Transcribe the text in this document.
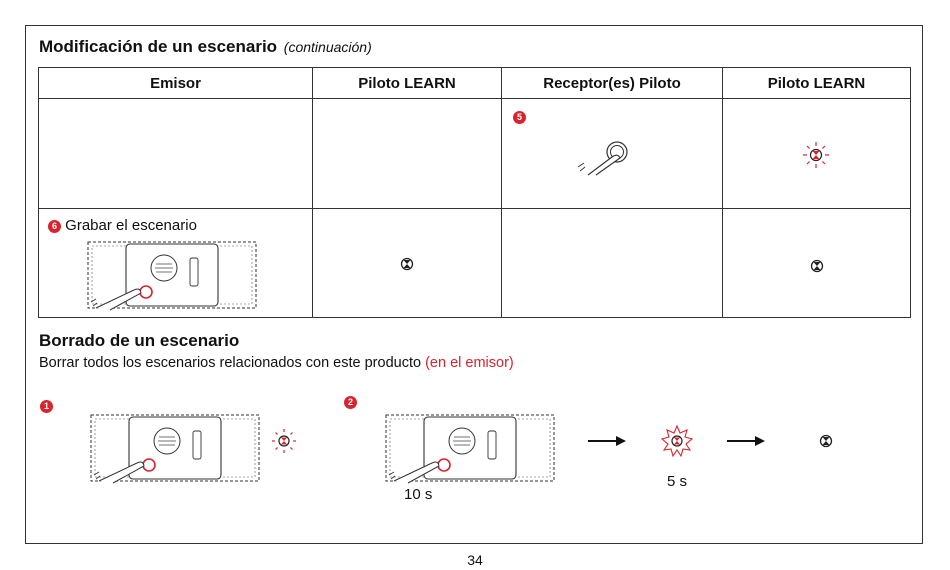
Modificación de un escenario (continuación)
Emisor	Piloto LEARN	Receptor(es) Piloto	Piloto LEARN

		5

6 Grabar el escenario

Borrado de un escenario
Borrar todos los escenarios relacionados con este producto (en el emisor)
1	2
10 s
5 s
34
